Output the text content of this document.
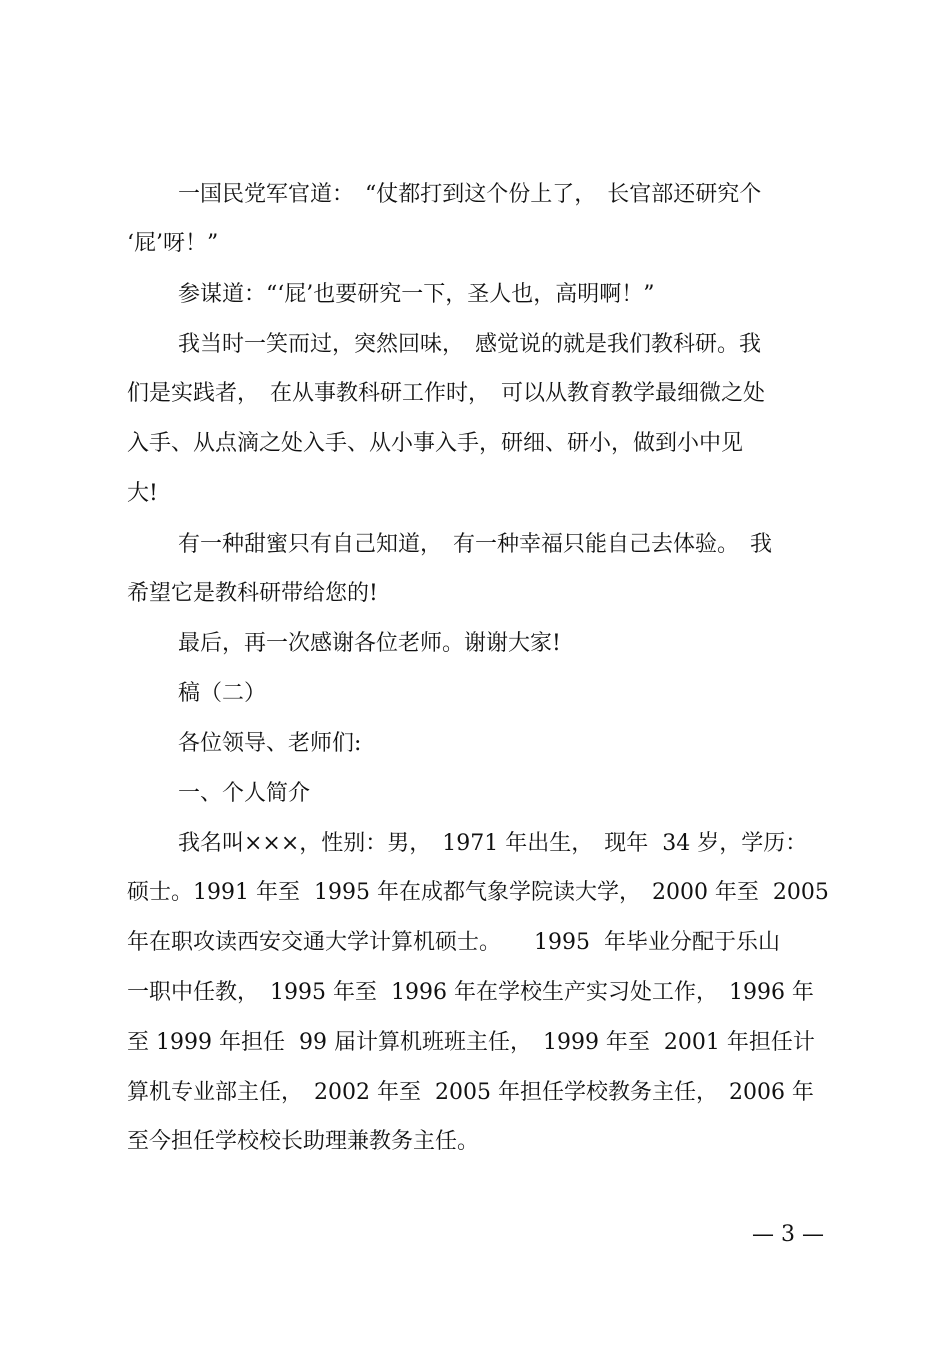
一国民党军官道：　“仗都打到这个份上了，　长官部还研究个
‘屁’呀！”
参谋道：“‘屁’也要研究一下，圣人也，高明啊！”
我当时一笑而过，突然回味，　感觉说的就是我们教科研。我
们是实践者，　在从事教科研工作时，　可以从教育教学最细微之处
入手、从点滴之处入手、从小事入手，研细、研小，做到小中见
大!
有一种甜蜜只有自己知道，　有一种幸福只能自己去体验。　我
希望它是教科研带给您的!
最后，再一次感谢各位老师。谢谢大家!
稿（二）
各位领导、老师们:
一、个人简介
我名叫×××，性别：男，　1971 年出生，　现年  34 岁，学历：
硕士。1991 年至  1995 年在成都气象学院读大学，　2000 年至  2005
年在职攻读西安交通大学计算机硕士。　　1995  年毕业分配于乐山
一职中任教，　1995 年至  1996 年在学校生产实习处工作，　1996 年
至 1999 年担任  99 届计算机班班主任，　1999 年至  2001 年担任计
算机专业部主任，　2002 年至  2005 年担任学校教务主任，　2006 年
至今担任学校校长助理兼教务主任。
— 3 —
